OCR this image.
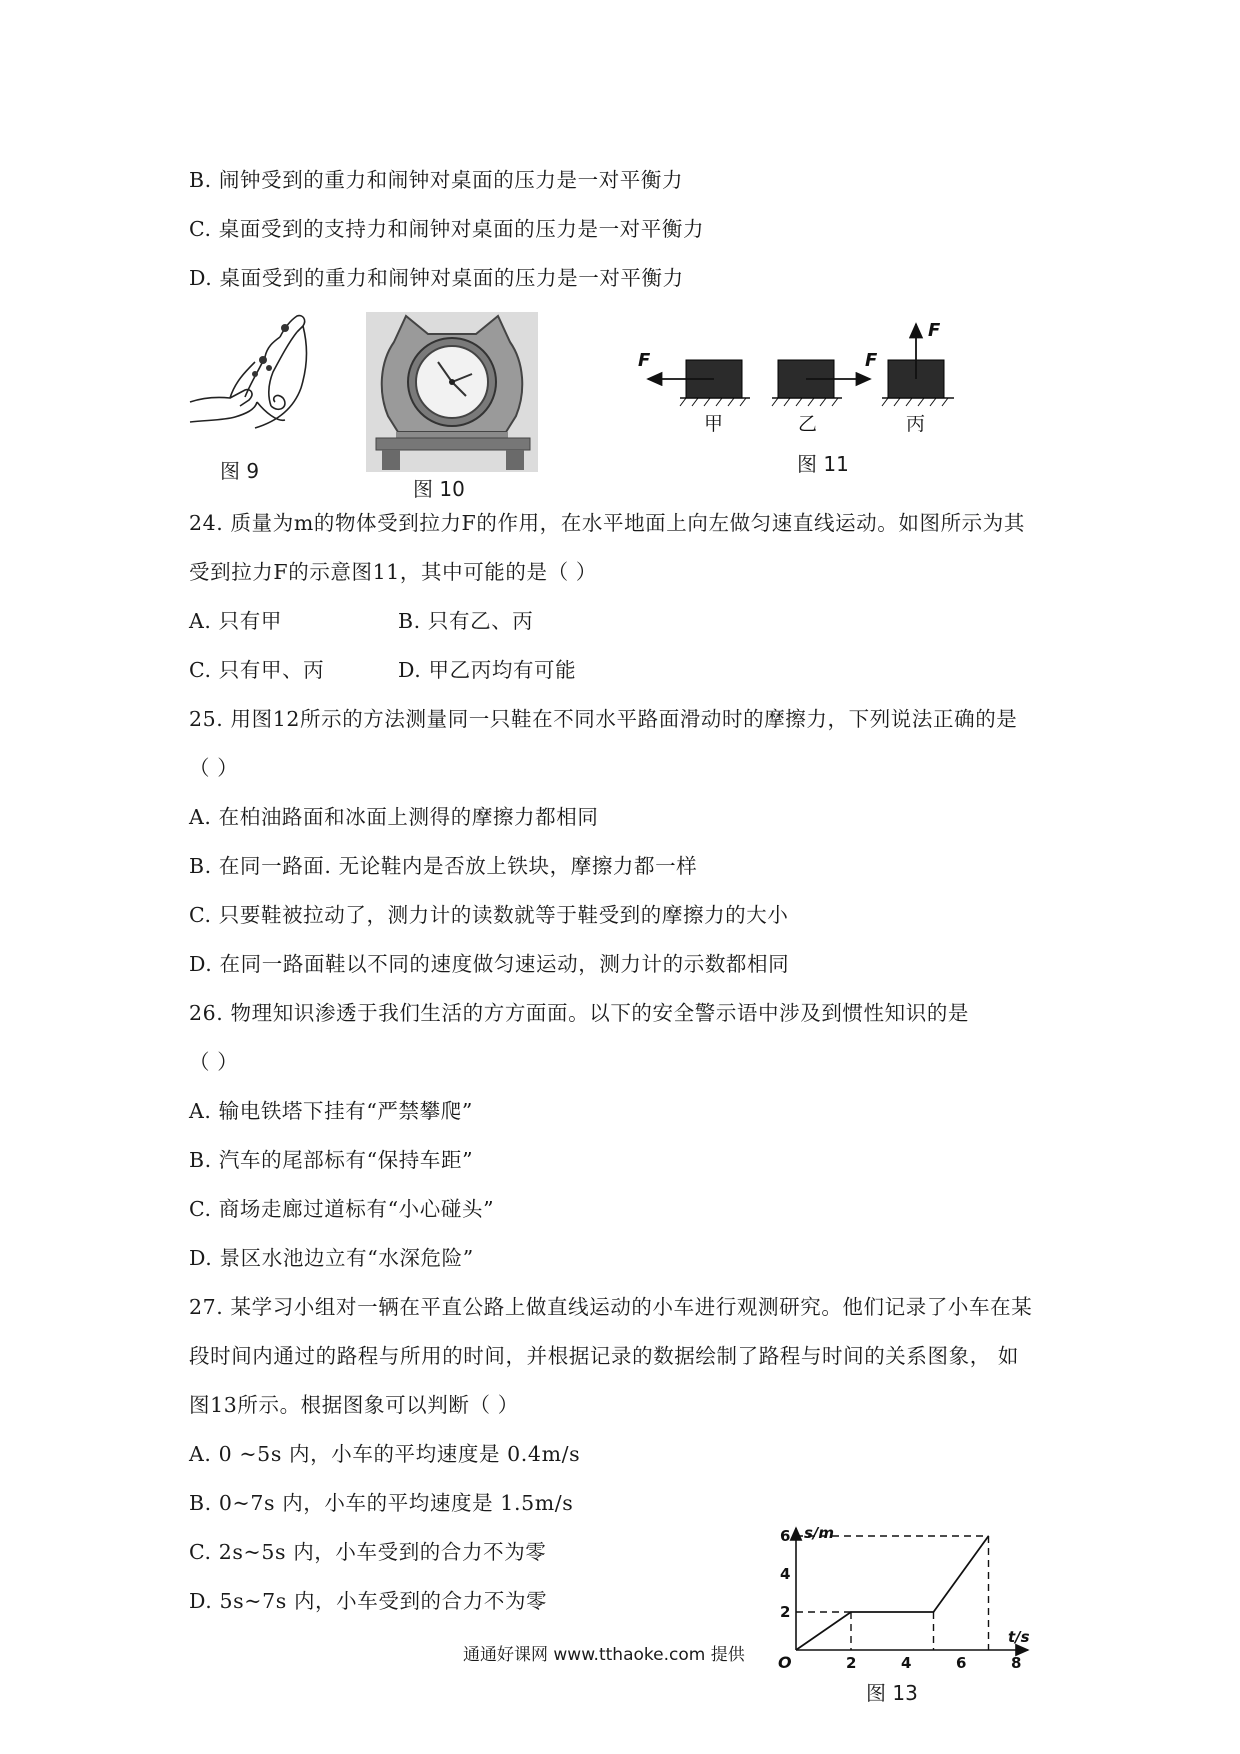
B. 闹钟受到的重力和闹钟对桌面的压力是一对平衡力
C. 桌面受到的支持力和闹钟对桌面的压力是一对平衡力
D. 桌面受到的重力和闹钟对桌面的压力是一对平衡力
图 9
图 10
F	F
F
甲	乙	丙
图 11
24. 质量为m的物体受到拉力F的作用，在水平地面上向左做匀速直线运动。如图所示为其
受到拉力F的示意图11，其中可能的是（ ）
A. 只有甲	B. 只有乙、丙
C. 只有甲、丙	D. 甲乙丙均有可能
25. 用图12所示的方法测量同一只鞋在不同水平路面滑动时的摩擦力，下列说法正确的是
（ ）
A. 在柏油路面和冰面上测得的摩擦力都相同
B. 在同一路面. 无论鞋内是否放上铁块，摩擦力都一样
C. 只要鞋被拉动了，测力计的读数就等于鞋受到的摩擦力的大小
D. 在同一路面鞋以不同的速度做匀速运动，测力计的示数都相同
26. 物理知识渗透于我们生活的方方面面。以下的安全警示语中涉及到惯性知识的是
（ ）
A. 输电铁塔下挂有“严禁攀爬”
B. 汽车的尾部标有“保持车距”
C. 商场走廊过道标有“小心碰头”
D. 景区水池边立有“水深危险”
27. 某学习小组对一辆在平直公路上做直线运动的小车进行观测研究。他们记录了小车在某
段时间内通过的路程与所用的时间，并根据记录的数据绘制了路程与时间的关系图象， 如
图13所示。根据图象可以判断（ ）
A. 0 ~5s 内，小车的平均速度是 0.4m/s
B. 0~7s 内，小车的平均速度是 1.5m/s
C. 2s~5s 内，小车受到的合力不为零
D. 5s~7s 内，小车受到的合力不为零
2	4	6	8
2
4
6 s/m
t/s
O
图 13
通通好课网 www.tthaoke.com 提供
